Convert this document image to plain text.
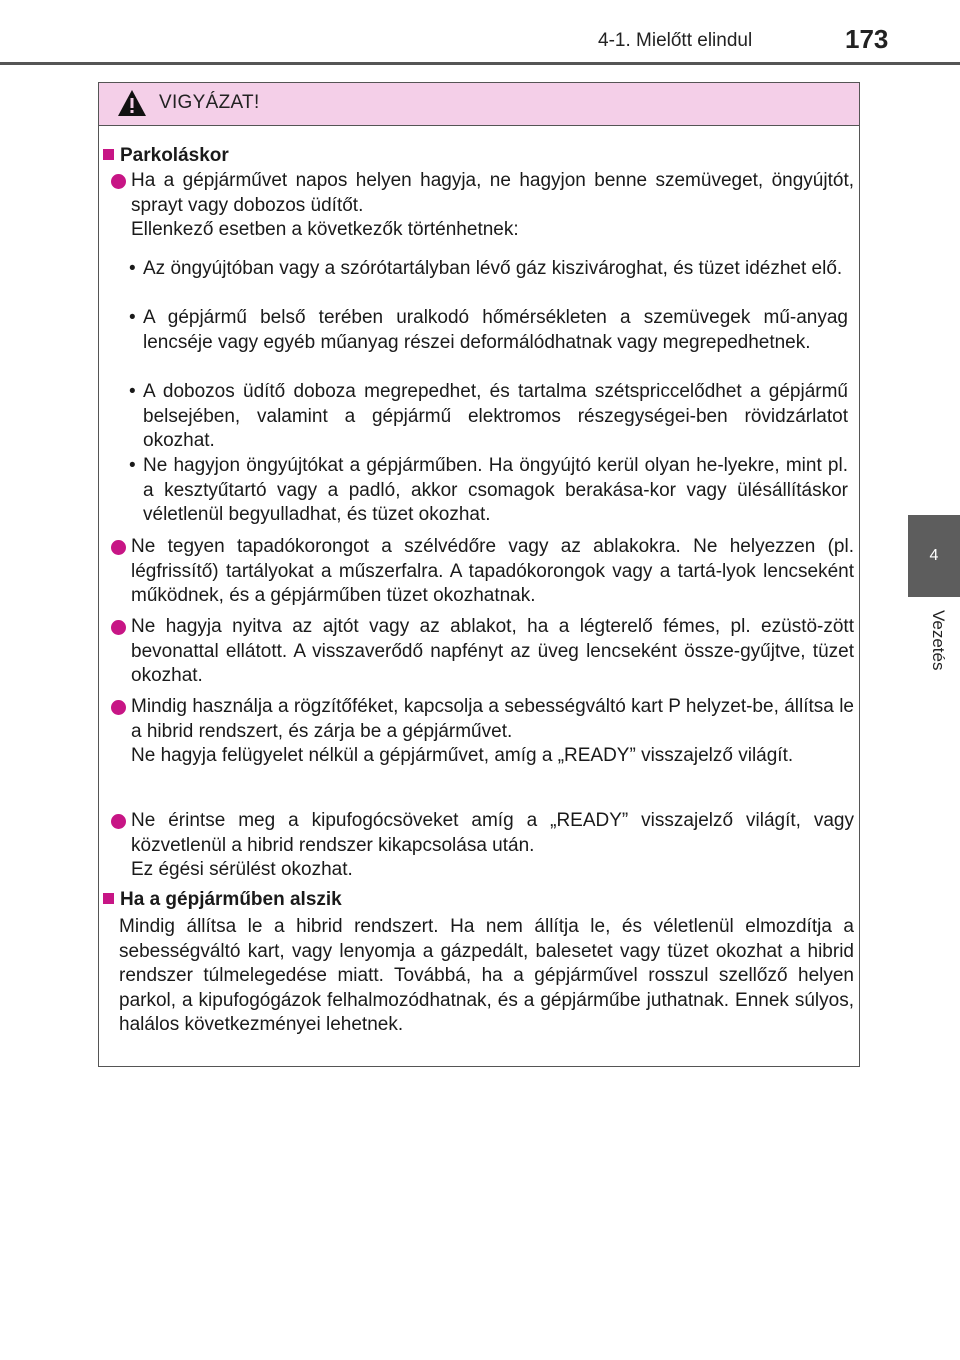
4-1. Mielőtt elindul	173
4
Vezetés
VIGYÁZAT!
Parkoláskor
Ha a gépjárművet napos helyen hagyja, ne hagyjon benne szemüveget, öngyújtót, sprayt vagy dobozos üdítőt.
Ellenkező esetben a következők történhetnek:
• Az öngyújtóban vagy a szórótartályban lévő gáz kiszivároghat, és tüzet idézhet elő.
• A gépjármű belső terében uralkodó hőmérsékleten a szemüvegek mű-anyag lencséje vagy egyéb műanyag részei deformálódhatnak vagy megrepedhetnek.
• A dobozos üdítő doboza megrepedhet, és tartalma szétspriccelődhet a gépjármű belsejében, valamint a gépjármű elektromos részegységei-ben rövidzárlatot okozhat.
• Ne hagyjon öngyújtókat a gépjárműben. Ha öngyújtó kerül olyan he-lyekre, mint pl. a kesztyűtartó vagy a padló, akkor csomagok berakása-kor vagy ülésállításkor véletlenül begyulladhat, és tüzet okozhat.
Ne tegyen tapadókorongot a szélvédőre vagy az ablakokra. Ne helyezzen (pl. légfrissítő) tartályokat a műszerfalra. A tapadókorongok vagy a tartá-lyok lencseként működnek, és a gépjárműben tüzet okozhatnak.
Ne hagyja nyitva az ajtót vagy az ablakot, ha a légterelő fémes, pl. ezüstö-zött bevonattal ellátott. A visszaverődő napfényt az üveg lencseként össze-gyűjtve, tüzet okozhat.
Mindig használja a rögzítőféket, kapcsolja a sebességváltó kart P helyzet-be, állítsa le a hibrid rendszert, és zárja be a gépjárművet.
Ne hagyja felügyelet nélkül a gépjárművet, amíg a „READY” visszajelző világít.
Ne érintse meg a kipufogócsöveket amíg a „READY” visszajelző világít, vagy közvetlenül a hibrid rendszer kikapcsolása után.
Ez égési sérülést okozhat.
Ha a gépjárműben alszik
Mindig állítsa le a hibrid rendszert. Ha nem állítja le, és véletlenül elmozdítja a sebességváltó kart, vagy lenyomja a gázpedált, balesetet vagy tüzet okozhat a hibrid rendszer túlmelegedése miatt. Továbbá, ha a gépjárművel rosszul szellőző helyen parkol, a kipufogógázok felhalmozódhatnak, és a gépjárműbe juthatnak. Ennek súlyos, halálos következményei lehetnek.
